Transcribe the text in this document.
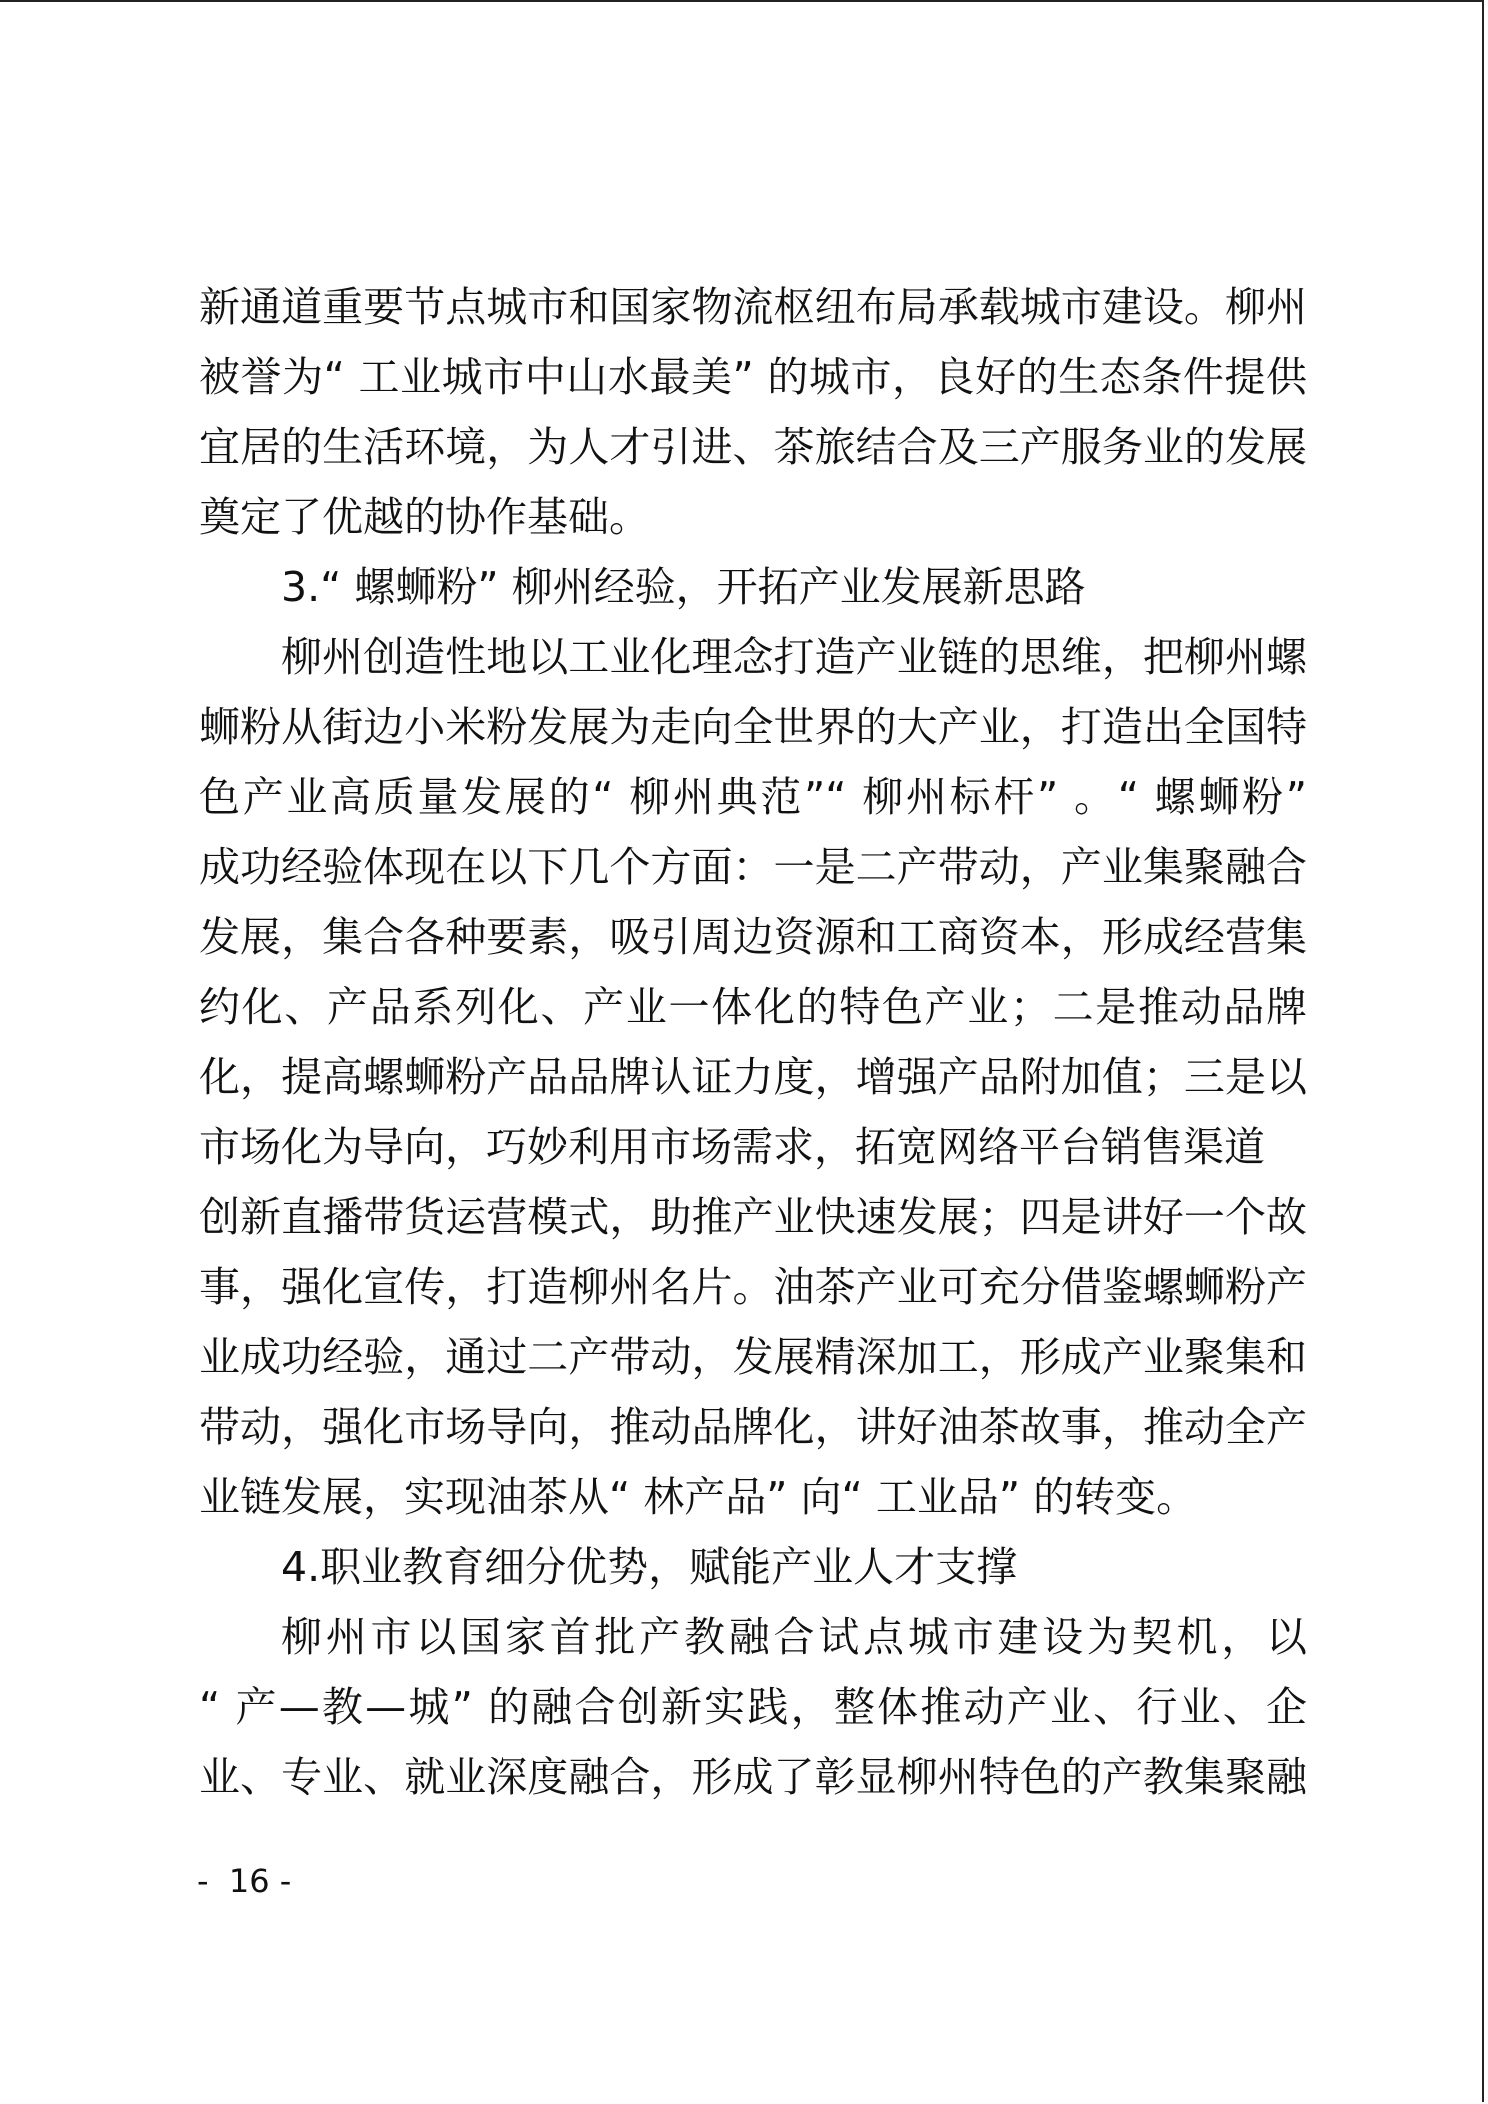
新通道重要节点城市和国家物流枢纽布局承载城市建设。柳州
被誉为“ 工业城市中山水最美” 的城市，良好的生态条件提供
宜居的生活环境，为人才引进、茶旅结合及三产服务业的发展
奠定了优越的协作基础。
3.“ 螺蛳粉” 柳州经验，开拓产业发展新思路
柳州创造性地以工业化理念打造产业链的思维，把柳州螺
蛳粉从街边小米粉发展为走向全世界的大产业，打造出全国特
色产业高质量发展的“ 柳州典范”“ 柳州标杆” 。“ 螺蛳粉”
成功经验体现在以下几个方面：一是二产带动，产业集聚融合
发展，集合各种要素，吸引周边资源和工商资本，形成经营集
约化、产品系列化、产业一体化的特色产业；二是推动品牌
化，提高螺蛳粉产品品牌认证力度，增强产品附加值；三是以
市场化为导向，巧妙利用市场需求，拓宽网络平台销售渠道
创新直播带货运营模式，助推产业快速发展；四是讲好一个故
事，强化宣传，打造柳州名片。油茶产业可充分借鉴螺蛳粉产
业成功经验，通过二产带动，发展精深加工，形成产业聚集和
带动，强化市场导向，推动品牌化，讲好油茶故事，推动全产
业链发展，实现油茶从“ 林产品” 向“ 工业品” 的转变。
4.职业教育细分优势，赋能产业人才支撑
柳州市以国家首批产教融合试点城市建设为契机，以
“ 产—教—城” 的融合创新实践，整体推动产业、行业、企
业、专业、就业深度融合，形成了彰显柳州特色的产教集聚融
-  16 -
